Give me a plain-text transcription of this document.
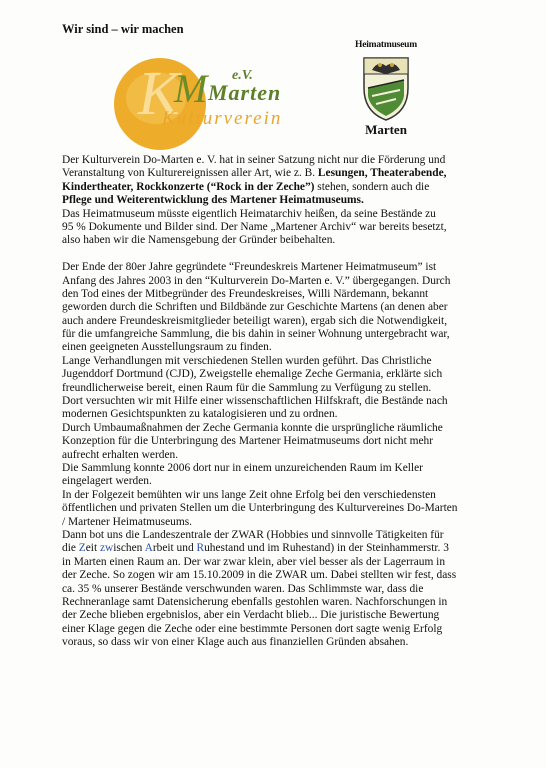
Wir sind – wir machen
K
M e.V.
Marten
Kulturverein
Heimatmuseum
Marten
Der Kulturverein Do-Marten e. V. hat in seiner Satzung nicht nur die Förderung und
Veranstaltung von Kulturereignissen aller Art, wie z. B. Lesungen, Theaterabende,
Kindertheater, Rockkonzerte (“Rock in der Zeche”) stehen, sondern auch die
Pflege und Weiterentwicklung des Martener Heimatmuseums.
Das Heimatmuseum müsste eigentlich Heimatarchiv heißen, da seine Bestände zu
95 % Dokumente und Bilder sind. Der Name „Martener Archiv“ war bereits besetzt,
also haben wir die Namensgebung der Gründer beibehalten.
Der Ende der 80er Jahre gegründete “Freundeskreis Martener Heimatmuseum” ist
Anfang des Jahres 2003 in den “Kulturverein Do-Marten e. V.” übergegangen. Durch
den Tod eines der Mitbegründer des Freundeskreises, Willi Närdemann, bekannt
geworden durch die Schriften und Bildbände zur Geschichte Martens (an denen aber
auch andere Freundeskreismitglieder beteiligt waren), ergab sich die Notwendigkeit,
für die umfangreiche Sammlung, die bis dahin in seiner Wohnung untergebracht war,
einen geeigneten Ausstellungsraum zu finden.
Lange Verhandlungen mit verschiedenen Stellen wurden geführt. Das Christliche
Jugenddorf Dortmund (CJD), Zweigstelle ehemalige Zeche Germania, erklärte sich
freundlicherweise bereit, einen Raum für die Sammlung zu Verfügung zu stellen.
Dort versuchten wir mit Hilfe einer wissenschaftlichen Hilfskraft, die Bestände nach
modernen Gesichtspunkten zu katalogisieren und zu ordnen.
Durch Umbaumaßnahmen der Zeche Germania konnte die ursprüngliche räumliche
Konzeption für die Unterbringung des Martener Heimatmuseums dort nicht mehr
aufrecht erhalten werden.
Die Sammlung konnte 2006 dort nur in einem unzureichenden Raum im Keller
eingelagert werden.
In der Folgezeit bemühten wir uns lange Zeit ohne Erfolg bei den verschiedensten
öffentlichen und privaten Stellen um die Unterbringung des Kulturvereines Do-Marten
/ Martener Heimatmuseums.
Dann bot uns die Landeszentrale der ZWAR (Hobbies und sinnvolle Tätigkeiten für
die Zeit zwischen Arbeit und Ruhestand und im Ruhestand) in der Steinhammerstr. 3
in Marten einen Raum an. Der war zwar klein, aber viel besser als der Lagerraum in
der Zeche. So zogen wir am 15.10.2009 in die ZWAR um. Dabei stellten wir fest, dass
ca. 35 % unserer Bestände verschwunden waren. Das Schlimmste war, dass die
Rechneranlage samt Datensicherung ebenfalls gestohlen waren. Nachforschungen in
der Zeche blieben ergebnislos, aber ein Verdacht blieb... Die juristische Bewertung
einer Klage gegen die Zeche oder eine bestimmte Personen dort sagte wenig Erfolg
voraus, so dass wir von einer Klage auch aus finanziellen Gründen absahen.
